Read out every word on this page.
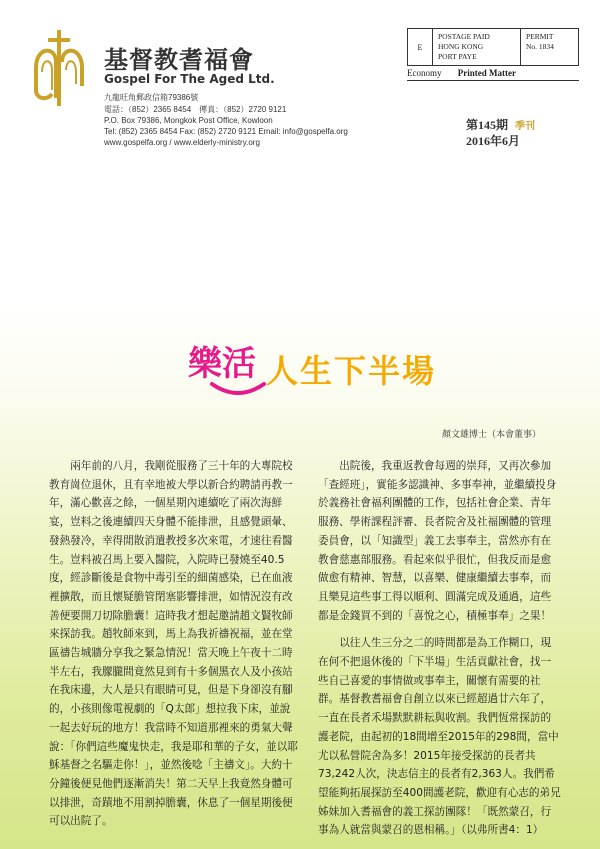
基督教耆福會
Gospel For The Aged Ltd.
九龍旺角郵政信箱79386號
電話：（852）2365 8454　傳真：（852）2720 9121
P.O. Box 79386, Mongkok Post Office, Kowloon
Tel: (852) 2365 8454 Fax: (852) 2720 9121 Email: info@gospelfa.org
www.gospelfa.org / www.elderly-ministry.org
E
POSTAGE PAID
HONG KONG
PORT PAYE
PERMIT
No. 1834
Economy Printed Matter
第145期 季刊
2016年6月
樂活 人生下半場
顏文雄博士（本會董事）

兩年前的八月，我剛從服務了三十年的大專院校教育崗位退休，且有幸地被大學以新合約聘請再教一年，滿心歡喜之餘，一個星期內連續吃了兩次海鮮宴，豈料之後連續四天身體不能排泄，且感覺頭暈、發熱發冷，幸得閒散消遣教授多次來電，才速往看醫生。豈料被召馬上要入醫院，入院時已發燒至40.5度，經診斷後是食物中毒引至的細菌感染，已在血液裡擴散，而且懷疑膽管閉塞影響排泄，如情況沒有改善便要開刀切除膽囊！這時我才想起邀請趙文賢牧師來探訪我。趙牧師來到，馬上為我祈禱祝福，並在堂區禱告城牆分享我之緊急情況！當天晚上午夜十二時半左右，我朦朧間竟然見到有十多個黑衣人及小孩站在我床邊，大人是只有眼睛可見，但是下身卻沒有腳的，小孩則像電視劇的「Q太郎」想拉我下床，並說一起去好玩的地方！我當時不知道那裡來的勇氣大聲說：「你們這些魔鬼快走，我是耶和華的子女，並以耶穌基督之名驅走你！」，並然後唸「主禱文」。大約十分鐘後便見他們逐漸消失！第二天早上我竟然身體可以排泄，奇蹟地不用割掉膽囊，休息了一個星期後便可以出院了。

出院後，我重返教會每週的崇拜，又再次參加「查經班」，實能多認識神、多事奉神，並繼續投身於義務社會福利團體的工作，包括社會企業、青年服務、學術課程評審、長者院舍及社福團體的管理委員會，以「知識型」義工去事奉主，當然亦有在教會慈惠部服務。看起來似乎很忙，但我反而是愈做愈有精神、智慧，以喜樂、健康繼續去事奉，而且樂見這些事工得以順利、圓滿完成及通過，這些都是金錢買不到的「喜悅之心，積極事奉」之果！

以往人生三分之二的時間都是為工作糊口，現在何不把退休後的「下半場」生活貢獻社會，找一些自己喜愛的事情做或事奉主，關懷有需要的社群。基督教耆福會自創立以來已經超過廿六年了，一直在長者禾場默默耕耘與收割。我們恆常探訪的護老院，由起初的18間增至2015年的298間，當中尤以私營院舍為多！2015年接受探訪的長者共73,242人次，決志信主的長者有2,363人。我們希望能夠拓展探訪至400間護老院，歡迎有心志的弟兄姊妹加入耆福會的義工探訪團隊！「既然蒙召，行事為人就當與蒙召的恩相稱。」（以弗所書4：1）
